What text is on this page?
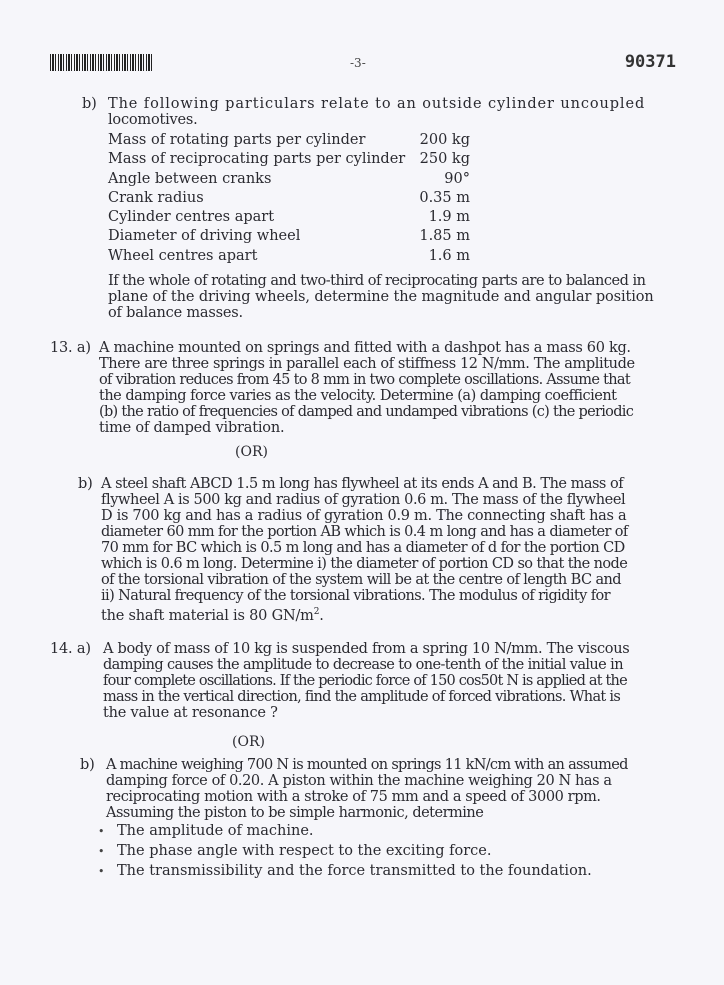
-3-	90371
b) The following particulars relate to an outside cylinder uncoupled
locomotives.
Mass of rotating parts per cylinder	200 kg
Mass of reciprocating parts per cylinder 250 kg
Angle between cranks	90°
Crank radius	0.35 m
Cylinder centres apart	1.9 m
Diameter of driving wheel	1.85 m
Wheel centres apart	1.6 m
If the whole of rotating and two-third of reciprocating parts are to balanced in
plane of the driving wheels, determine the magnitude and angular position
of balance masses.
13. a) A machine mounted on springs and fitted with a dashpot has a mass 60 kg.
There are three springs in parallel each of stiffness 12 N/mm. The amplitude
of vibration reduces from 45 to 8 mm in two complete oscillations. Assume that
the damping force varies as the velocity. Determine (a) damping coefficient
(b) the ratio of frequencies of damped and undamped vibrations (c) the periodic
time of damped vibration.
(OR)
b) A steel shaft ABCD 1.5 m long has flywheel at its ends A and B. The mass of
flywheel A is 500 kg and radius of gyration 0.6 m. The mass of the flywheel
D is 700 kg and has a radius of gyration 0.9 m. The connecting shaft has a
diameter 60 mm for the portion AB which is 0.4 m long and has a diameter of
70 mm for BC which is 0.5 m long and has a diameter of d for the portion CD
which is 0.6 m long. Determine i) the diameter of portion CD so that the node
of the torsional vibration of the system will be at the centre of length BC and
ii) Natural frequency of the torsional vibrations. The modulus of rigidity for
the shaft material is 80 $GN/m^2$.
14. a) A body of mass of 10 kg is suspended from a spring 10 N/mm. The viscous
damping causes the amplitude to decrease to one-tenth of the initial value in
four complete oscillations. If the periodic force of 150 cos50t N is applied at the
mass in the vertical direction, find the amplitude of forced vibrations. What is
the value at resonance ?
(OR)
b) A machine weighing 700 N is mounted on springs 11 kN/cm with an assumed
damping force of 0.20. A piston within the machine weighing 20 N has a
reciprocating motion with a stroke of 75 mm and a speed of 3000 rpm.
Assuming the piston to be simple harmonic, determine
• The amplitude of machine.
• The phase angle with respect to the exciting force.
• The transmissibility and the force transmitted to the foundation.
